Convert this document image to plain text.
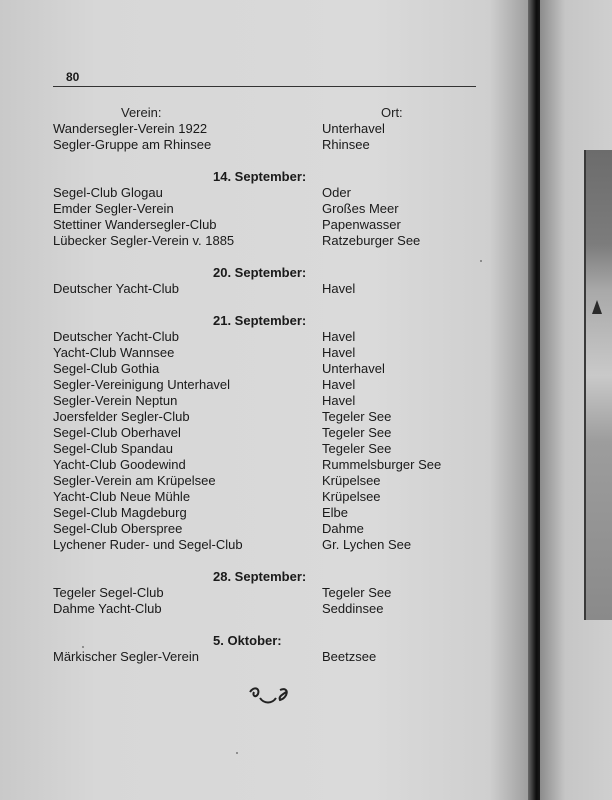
80
Verein:	Ort:
Wandersegler-Verein 1922	Unterhavel
Segler-Gruppe am Rhinsee	Rhinsee
14. September:
Segel-Club Glogau	Oder
Emder Segler-Verein	Großes Meer
Stettiner Wandersegler-Club	Papenwasser
Lübecker Segler-Verein v. 1885	Ratzeburger See
20. September:
Deutscher Yacht-Club	Havel
21. September:
Deutscher Yacht-Club	Havel
Yacht-Club Wannsee	Havel
Segel-Club Gothia	Unterhavel
Segler-Vereinigung Unterhavel	Havel
Segler-Verein Neptun	Havel
Joersfelder Segler-Club	Tegeler See
Segel-Club Oberhavel	Tegeler See
Segel-Club Spandau	Tegeler See
Yacht-Club Goodewind	Rummelsburger See
Segler-Verein am Krüpelsee	Krüpelsee
Yacht-Club Neue Mühle	Krüpelsee
Segel-Club Magdeburg	Elbe
Segel-Club Oberspree	Dahme
Lychener Ruder- und Segel-Club	Gr. Lychen See
28. September:
Tegeler Segel-Club	Tegeler See
Dahme Yacht-Club	Seddinsee
5. Oktober:
Märkischer Segler-Verein	Beetzsee
